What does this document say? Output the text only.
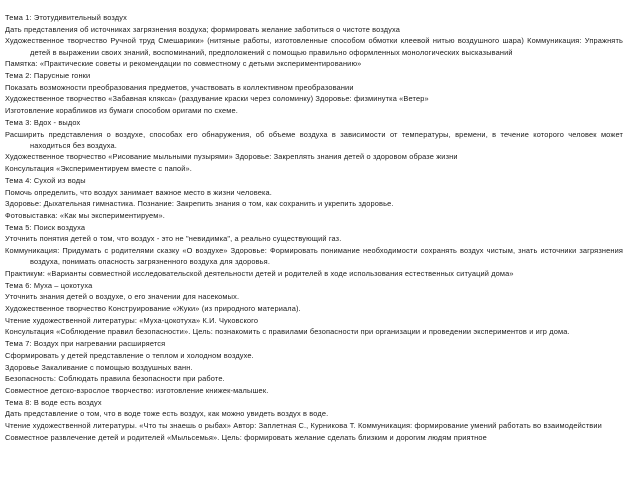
Тема 1: Этотудивительный воздух

Дать представления об источниках загрязнения воздуха; формировать желание заботиться о чистоте воздуха

Художественное творчество Ручной труд Смешарики» (нитяные работы, изготовленные способом обмотки клеевой нитью воздушного шара) Коммуникация: Упражнять детей в выражении своих знаний, воспоминаний, предположений с помощью правильно оформленных монологических высказываний

Памятка: «Практические советы и рекомендации по совместному с детьми экспериментированию»

Тема 2: Парусные гонки

Показать возможности преобразования предметов, участвовать в коллективном преобразовании

Художественное творчество «Забавная клякса» (раздувание краски через соломинку) Здоровье: физминутка «Ветер»

Изготовление корабликов из бумаги способом оригами по схеме.

Тема 3: Вдох - выдох

Расширить представления о воздухе, способах его обнаружения, об объеме воздуха в зависимости от температуры, времени, в течение которого человек может находиться без воздуха.

Художественное творчество «Рисование мыльными пузырями» Здоровье: Закреплять знания детей о здоровом образе жизни

Консультация «Экспериментируем вместе с папой».

Тема 4: Сухой из воды

Помочь определить, что воздух занимает важное место в жизни человека.

Здоровье: Дыхательная гимнастика. Познание: Закрепить знания о том, как сохранить и укрепить здоровье.

Фотовыставка: «Как мы экспериментируем».

Тема 5: Поиск воздуха

Уточнить понятия детей о том, что воздух - это не "невидимка", а реально существующий газ.

Коммуникация: Придумать с родителями сказку «О воздухе» Здоровье: Формировать понимание необходимости сохранять воздух чистым, знать источники загрязнения воздуха, понимать опасность загрязненного воздуха для здоровья.

Практикум: «Варианты совместной исследовательской деятельности детей и родителей в ходе использования естественных ситуаций дома»

Тема 6: Муха – цокотуха

Уточнить знания детей о воздухе, о его значении для насекомых.

Художественное творчество Конструирование «Жуки» (из природного материала).

Чтение художественной литературы: «Муха-цокотуха» К.И. Чуковского

Консультация «Соблюдение правил безопасности». Цель: познакомить с правилами безопасности при организации и проведении экспериментов и игр дома.

Тема 7: Воздух при нагревании расширяется

Сформировать у детей представление о теплом и холодном воздухе.

Здоровье Закаливание с помощью воздушных ванн.

Безопасность: Соблюдать правила безопасности при работе.

Совместное детско-взрослое творчество: изготовление книжек-малышек.

Тема 8: В воде есть воздух

Дать представление о том, что в воде тоже есть воздух, как можно увидеть воздух в воде.

Чтение художественной литературы. «Что ты знаешь о рыбах» Автор: Заплетная С., Курникова Т. Коммуникация: формирование умений работать во взаимодействии

Совместное развлечение детей и родителей «Мыльсемья». Цель: формировать желание сделать близким и дорогим людям приятное
